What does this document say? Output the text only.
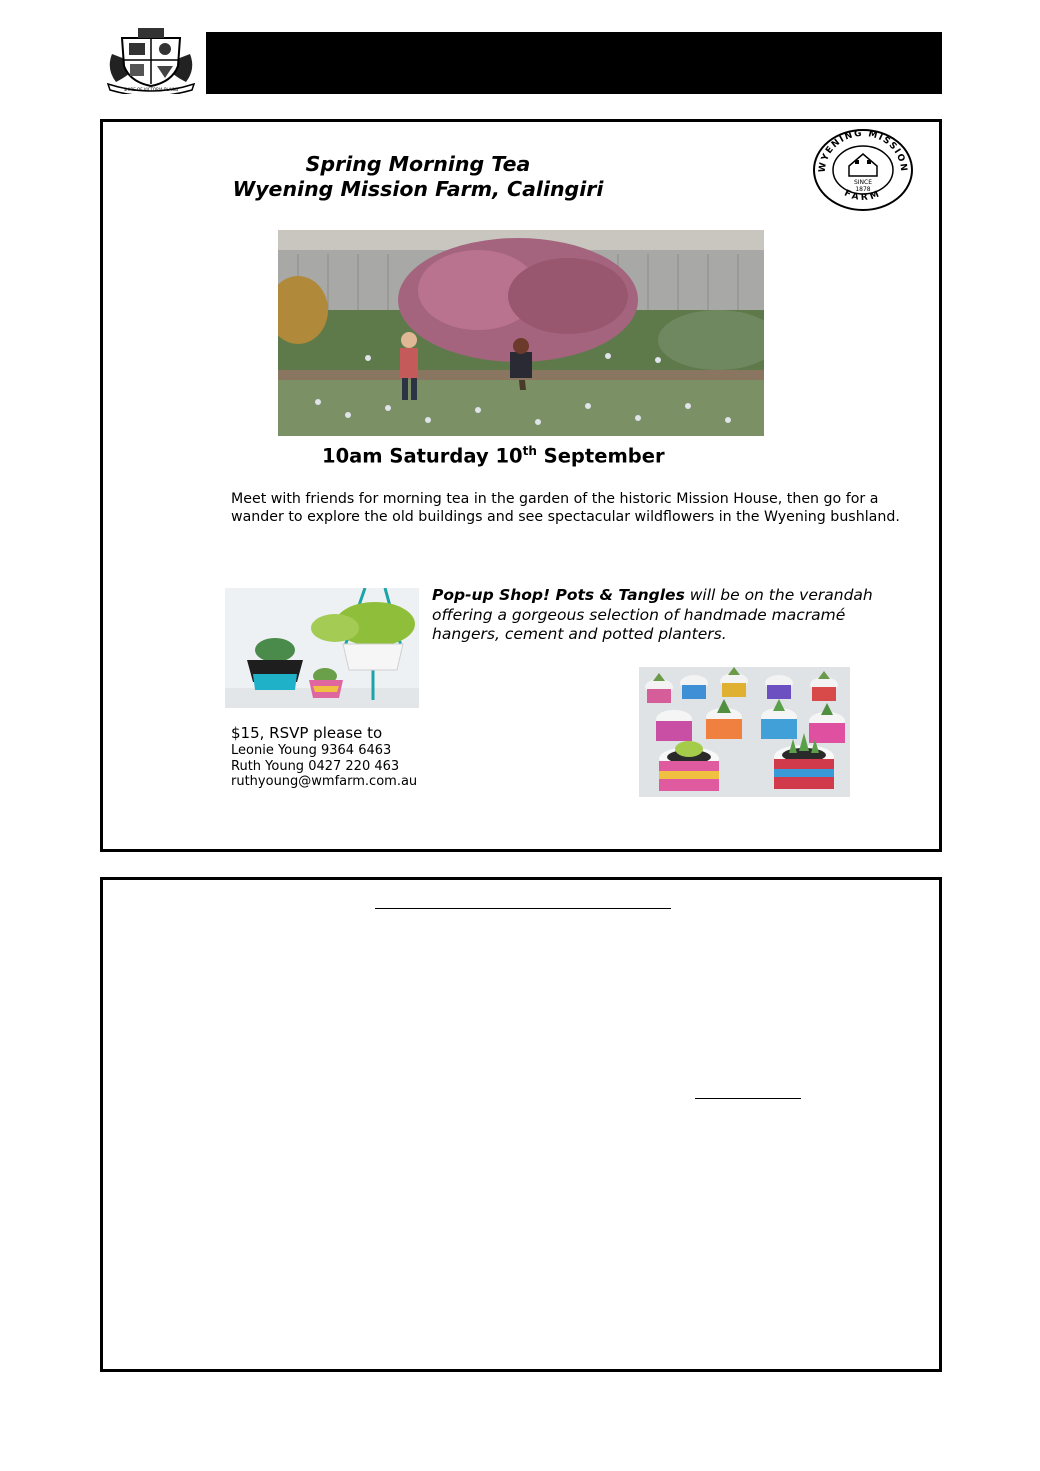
SHIRE OF VICTORIA PLAINS
WYENING MISSION
FARM
SINCE
1878
Spring Morning Tea
Wyening Mission Farm, Calingiri
10am Saturday 10th September
Meet with friends for morning tea in the garden of the historic Mission House, then go for a wander to explore the old buildings and see spectacular wildflowers in the Wyening bushland.
Pop-up Shop! Pots & Tangles will be on the verandah offering a gorgeous selection of handmade macramé hangers, cement and potted planters.
$15, RSVP please to
Leonie Young 9364 6463
Ruth Young 0427 220 463
ruthyoung@wmfarm.com.au
